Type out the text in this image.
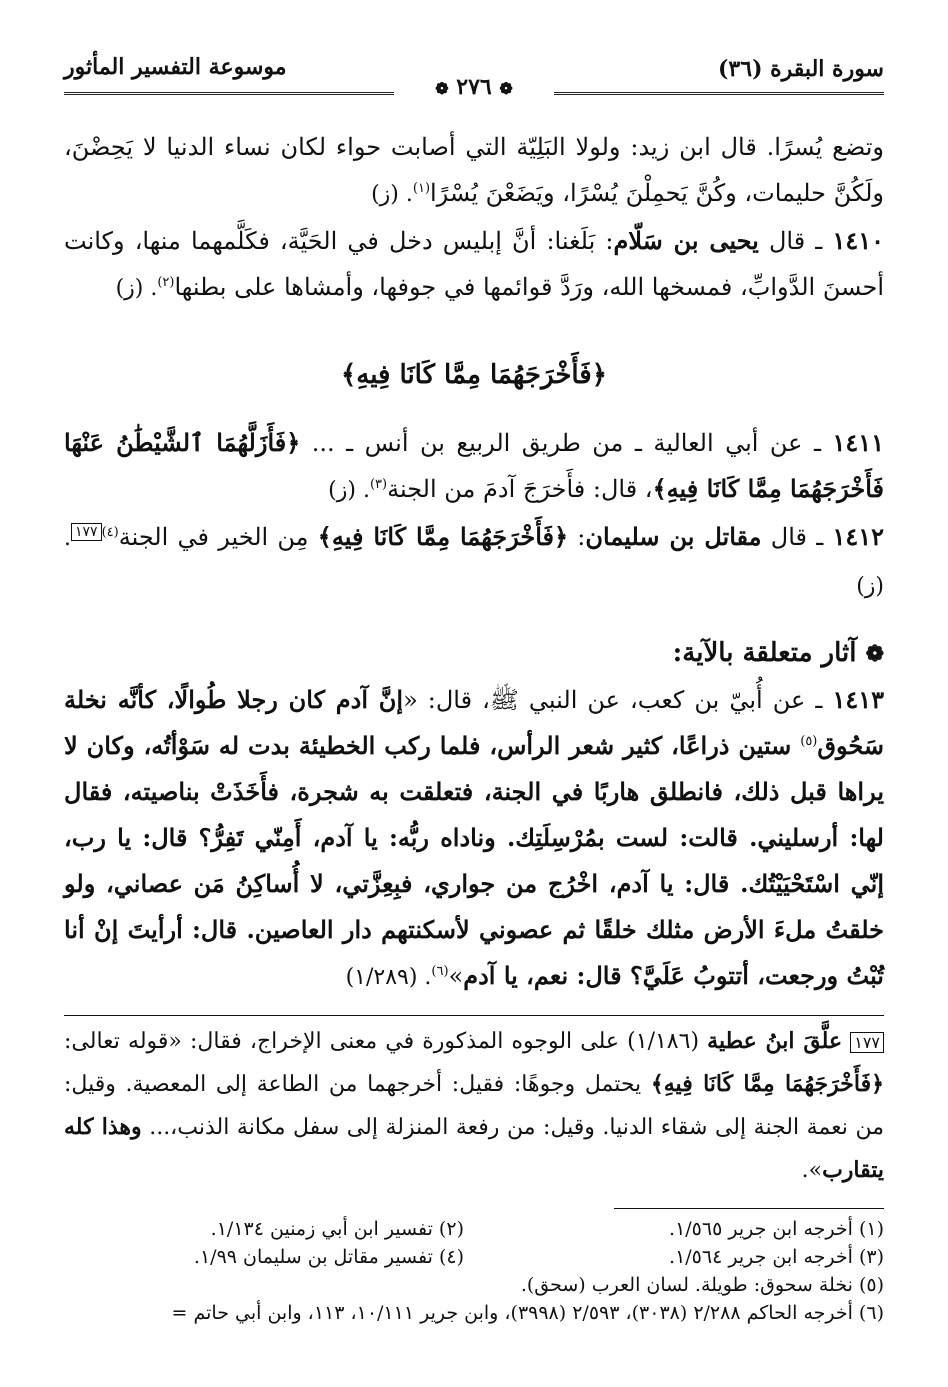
سورة البقرة (٣٦)
موسوعة التفسير المأثور
❁ ٢٧٦ ❁

وتضع يُسرًا. قال ابن زيد: ولولا البَلِيّة التي أصابت حواء لكان نساء الدنيا لا يَحِضْنَ، ولَكُنَّ حليمات، وكُنَّ يَحمِلْنَ يُسْرًا، ويَضَعْنَ يُسْرًا$^{(١)}$. (ز)

١٤١٠ ـ قال يحيى بن سَلّام: بَلَغنا: أنَّ إبليس دخل في الحَيَّة، فكَلَّمهما منها، وكانت أحسنَ الدَّوابِّ، فمسخها الله، ورَدَّ قوائمها في جوفها، وأمشاها على بطنها$^{(٢)}$. (ز)

﴿فَأَخْرَجَهُمَا مِمَّا كَانَا فِيهِ﴾

١٤١١ ـ عن أبي العالية ـ من طريق الربيع بن أنس ـ ... ﴿فَأَزَلَّهُمَا ٱلشَّيْطَٰنُ عَنْهَا فَأَخْرَجَهُمَا مِمَّا كَانَا فِيهِ﴾، قال: فأَخرَجَ آدمَ من الجنة$^{(٣)}$. (ز)

١٤١٢ ـ قال مقاتل بن سليمان: ﴿فَأَخْرَجَهُمَا مِمَّا كَانَا فِيهِ﴾ مِن الخير في الجنة$^{(٤)١٧٧}$. (ز)

❁ آثار متعلقة بالآية:

١٤١٣ ـ عن أُبيّ بن كعب، عن النبي ﷺ، قال: «إنَّ آدم كان رجلا طُوالًا، كأنَّه نخلة سَحُوق$^{(٥)}$ ستين ذراعًا، كثير شعر الرأس، فلما ركب الخطيئة بدت له سَوْأتُه، وكان لا يراها قبل ذلك، فانطلق هاربًا في الجنة، فتعلقت به شجرة، فأَخَذَتْ بناصيته، فقال لها: أرسليني. قالت: لست بمُرْسِلَتِك. وناداه ربُّه: يا آدم، أَمِنّي تَفِرُّ؟ قال: يا رب، إنّي اسْتَحْيَيْتُك. قال: يا آدم، اخْرُج من جواري، فبِعِزَّتي، لا أُساكِنُ مَن عصاني، ولو خلقتُ ملءَ الأرض مثلك خلقًا ثم عصوني لأسكنتهم دار العاصين. قال: أرأيتَ إنْ أنا تُبْتُ ورجعت، أتتوبُ عَلَيَّ؟ قال: نعم، يا آدم»$^{(٦)}$. (١/٢٨٩)

١٧٧ علَّقَ ابنُ عطية (١/١٨٦) على الوجوه المذكورة في معنى الإخراج، فقال: «قوله تعالى: ﴿فَأَخْرَجَهُمَا مِمَّا كَانَا فِيهِ﴾ يحتمل وجوهًا: فقيل: أخرجهما من الطاعة إلى المعصية. وقيل: من نعمة الجنة إلى شقاء الدنيا. وقيل: من رفعة المنزلة إلى سفل مكانة الذنب،... وهذا كله يتقارب».

(١) أخرجه ابن جرير ١/٥٦٥.

(٢) تفسير ابن أبي زمنين ١/١٣٤.

(٣) أخرجه ابن جرير ١/٥٦٤.

(٤) تفسير مقاتل بن سليمان ١/٩٩.

(٥) نخلة سحوق: طويلة. لسان العرب (سحق).

(٦) أخرجه الحاكم ٢/٢٨٨ (٣٠٣٨)، ٢/٥٩٣ (٣٩٩٨)، وابن جرير ١٠/١١١، ١١٣، وابن أبي حاتم =
